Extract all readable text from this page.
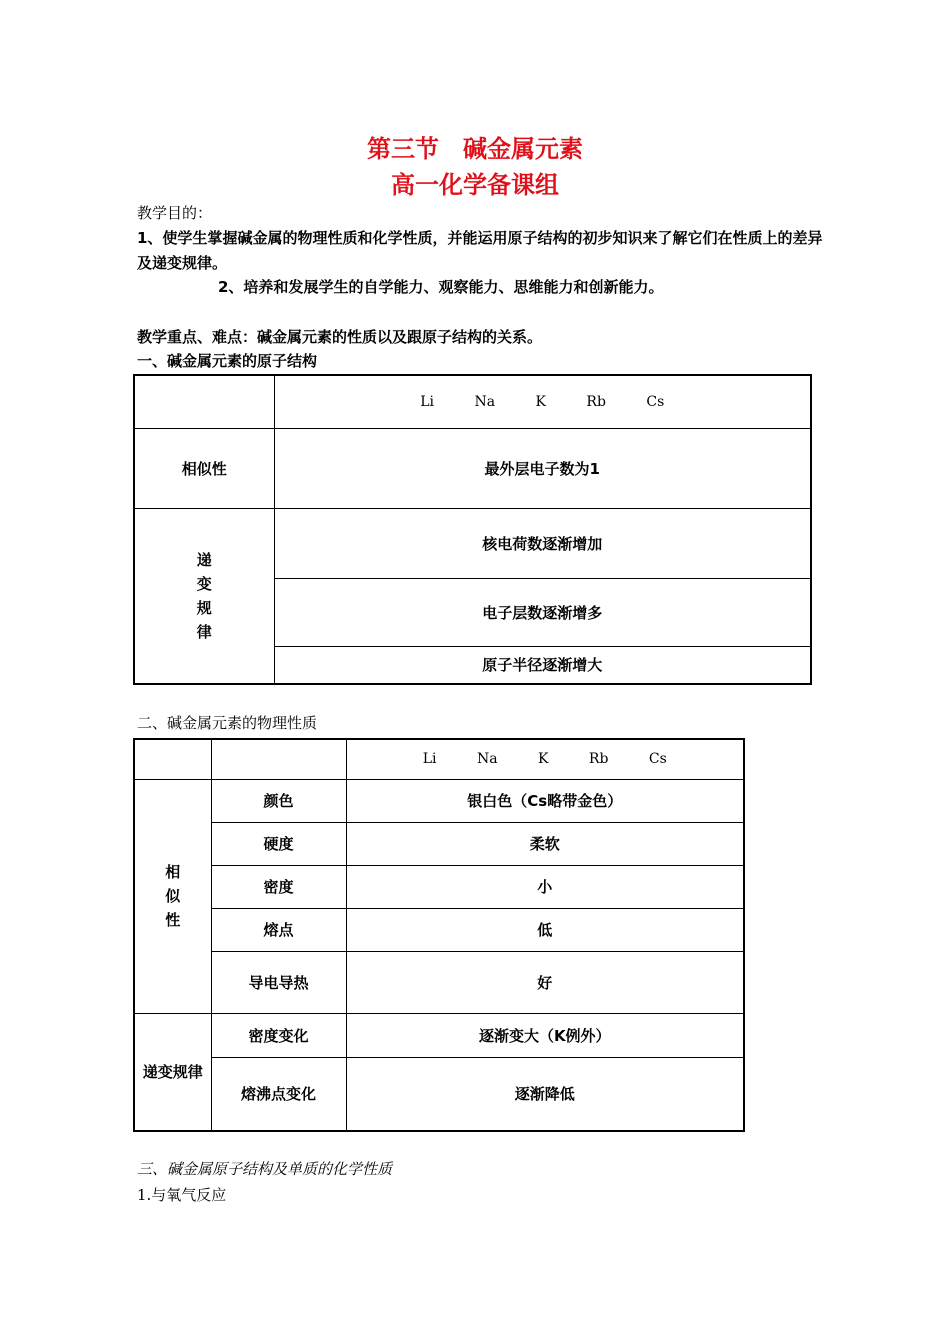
第三节　碱金属元素
高一化学备课组
教学目的：
1、使学生掌握碱金属的物理性质和化学性质，并能运用原子结构的初步知识来了解它们在性质上的差异及递变规律。
2、培养和发展学生的自学能力、观察能力、思维能力和创新能力。
教学重点、难点：碱金属元素的性质以及跟原子结构的关系。
一、碱金属元素的原子结构
	Li Na K Rb Cs
相似性	最外层电子数为1

递
变
规
律	核电荷数逐渐增加
	电子层数逐渐增多
	原子半径逐渐增大
二、碱金属元素的物理性质
		Li Na K Rb Cs

相
似
性	颜色	银白色（Cs略带金色）
	硬度	柔软
	密度	小
	熔点	低
	导电导热	好
递变规律	密度变化	逐渐变大（K例外）
	熔沸点变化	逐渐降低
三、碱金属原子结构及单质的化学性质
1.与氧气反应
